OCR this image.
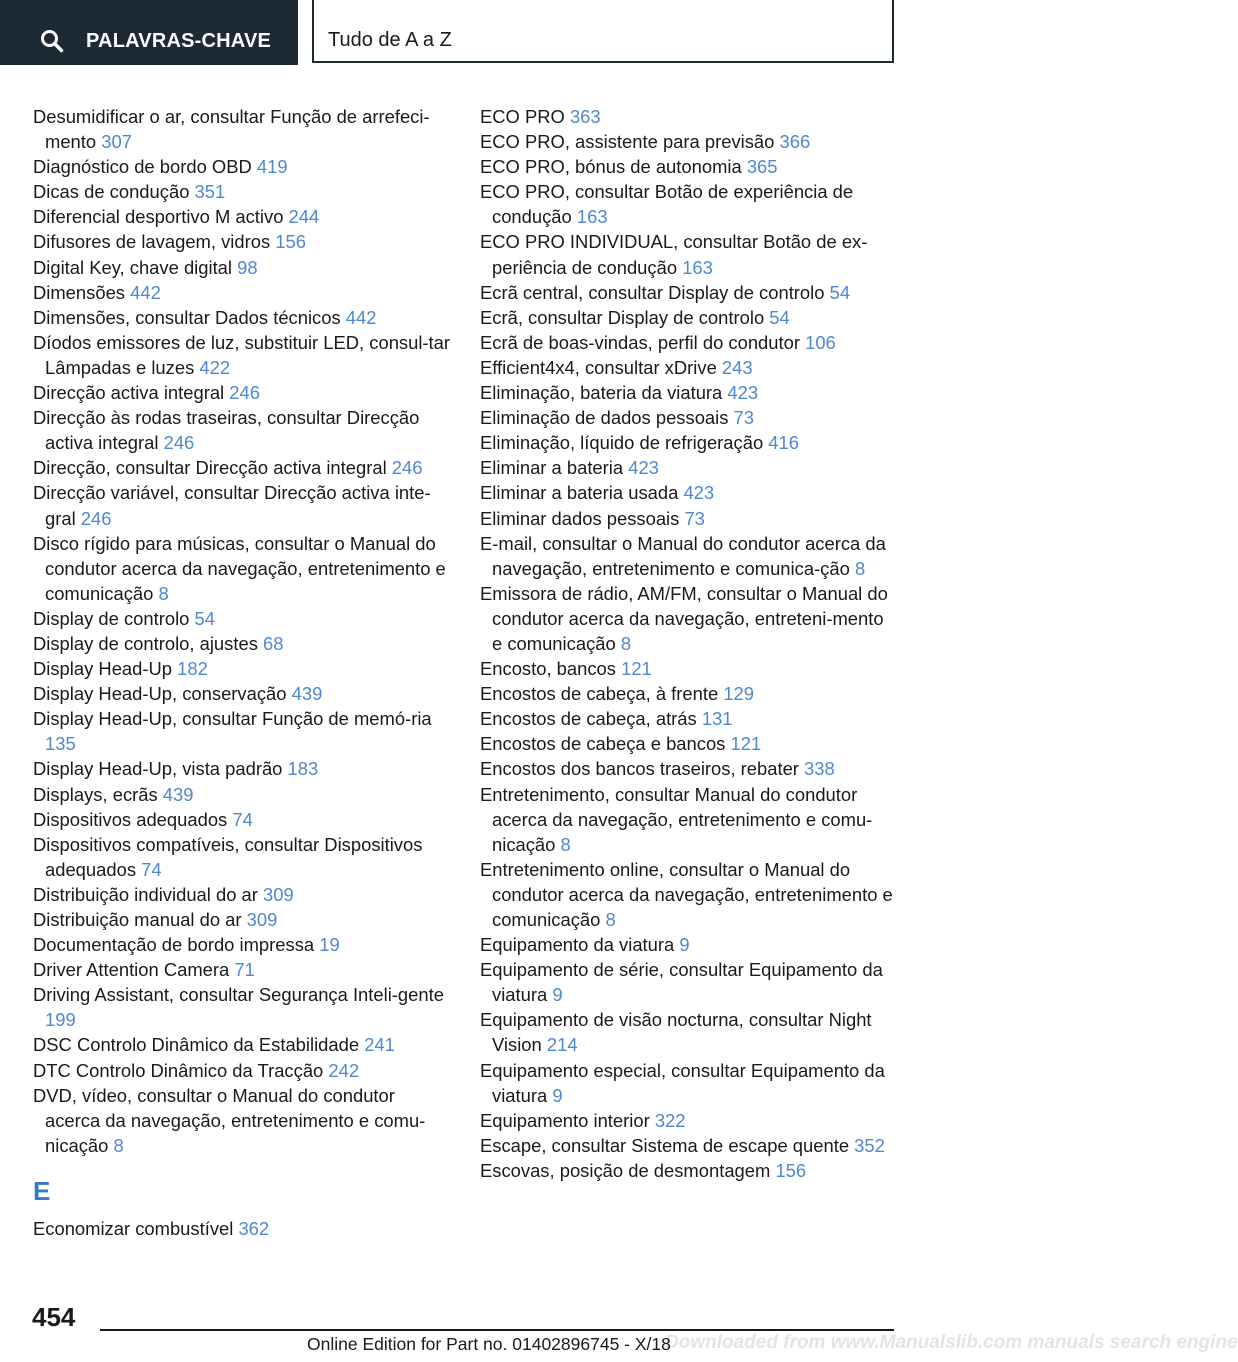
PALAVRAS-CHAVE	Tudo de A a Z
Desumidificar o ar, consultar Função de arrefeci-mento 307
Diagnóstico de bordo OBD 419
Dicas de condução 351
Diferencial desportivo M activo 244
Difusores de lavagem, vidros 156
Digital Key, chave digital 98
Dimensões 442
Dimensões, consultar Dados técnicos 442
Díodos emissores de luz, substituir LED, consul-tar Lâmpadas e luzes 422
Direcção activa integral 246
Direcção às rodas traseiras, consultar Direcção activa integral 246
Direcção, consultar Direcção activa integral 246
Direcção variável, consultar Direcção activa inte-gral 246
Disco rígido para músicas, consultar o Manual do condutor acerca da navegação, entretenimento e comunicação 8
Display de controlo 54
Display de controlo, ajustes 68
Display Head-Up 182
Display Head-Up, conservação 439
Display Head-Up, consultar Função de memó-ria 135
Display Head-Up, vista padrão 183
Displays, ecrãs 439
Dispositivos adequados 74
Dispositivos compatíveis, consultar Dispositivos adequados 74
Distribuição individual do ar 309
Distribuição manual do ar 309
Documentação de bordo impressa 19
Driver Attention Camera 71
Driving Assistant, consultar Segurança Inteli-gente 199
DSC Controlo Dinâmico da Estabilidade 241
DTC Controlo Dinâmico da Tracção 242
DVD, vídeo, consultar o Manual do condutor acerca da navegação, entretenimento e comu-nicação 8
E
Economizar combustível 362
ECO PRO 363
ECO PRO, assistente para previsão 366
ECO PRO, bónus de autonomia 365
ECO PRO, consultar Botão de experiência de condução 163
ECO PRO INDIVIDUAL, consultar Botão de ex-periência de condução 163
Ecrã central, consultar Display de controlo 54
Ecrã, consultar Display de controlo 54
Ecrã de boas-vindas, perfil do condutor 106
Efficient4x4, consultar xDrive 243
Eliminação, bateria da viatura 423
Eliminação de dados pessoais 73
Eliminação, líquido de refrigeração 416
Eliminar a bateria 423
Eliminar a bateria usada 423
Eliminar dados pessoais 73
E-mail, consultar o Manual do condutor acerca da navegação, entretenimento e comunica-ção 8
Emissora de rádio, AM/FM, consultar o Manual do condutor acerca da navegação, entreteni-mento e comunicação 8
Encosto, bancos 121
Encostos de cabeça, à frente 129
Encostos de cabeça, atrás 131
Encostos de cabeça e bancos 121
Encostos dos bancos traseiros, rebater 338
Entretenimento, consultar Manual do condutor acerca da navegação, entretenimento e comu-nicação 8
Entretenimento online, consultar o Manual do condutor acerca da navegação, entretenimento e comunicação 8
Equipamento da viatura 9
Equipamento de série, consultar Equipamento da viatura 9
Equipamento de visão nocturna, consultar Night Vision 214
Equipamento especial, consultar Equipamento da viatura 9
Equipamento interior 322
Escape, consultar Sistema de escape quente 352
Escovas, posição de desmontagem 156
454
Downloaded from www.Manualslib.com manuals search engine
Online Edition for Part no. 01402896745 - X/18
